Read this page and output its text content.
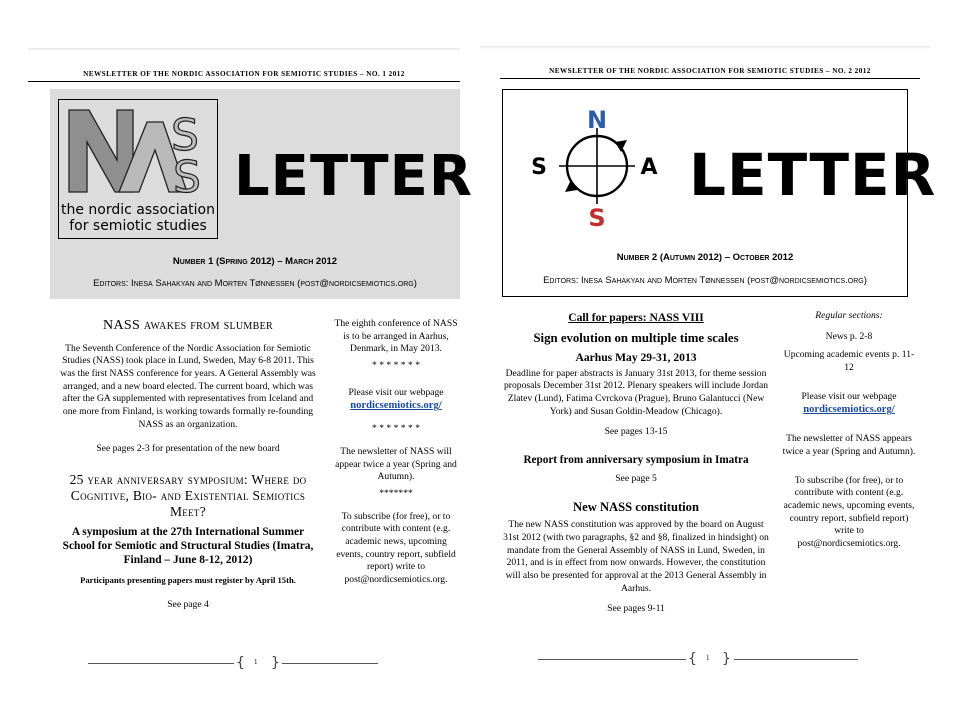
NEWSLETTER OF THE NORDIC ASSOCIATION FOR SEMIOTIC STUDIES – NO. 1 2012
S
S
the nordic association
for semiotic studies
LETTER
Number 1 (Spring 2012) – March 2012
Editors: Inesa Sahakyan and Morten Tønnessen (post@nordicsemiotics.org)

NASS awakes from slumber

The Seventh Conference of the Nordic Association for Semiotic Studies (NASS) took place in Lund, Sweden, May 6-8 2011. This was the first NASS conference for years. A General Assembly was arranged, and a new board elected. The current board, which was after the GA supplemented with representatives from Iceland and one more from Finland, is working towards formally re-founding NASS as an organization.

See pages 2-3 for presentation of the new board

25 year anniversary symposium: Where do Cognitive, Bio- and Existential Semiotics Meet?

A symposium at the 27th International Summer School for Semiotic and Structural Studies (Imatra, Finland – June 8-12, 2012)

Participants presenting papers must register by April 15th.

See page 4

The eighth conference of NASS is to be arranged in Aarhus, Denmark, in May 2013.

* * * * * * *

Please visit our webpage

nordicsemiotics.org/

* * * * * * *

The newsletter of NASS will appear twice a year (Spring and Autumn).

*******

To subscribe (for free), or to contribute with content (e.g. academic news, upcoming events, country report, subfield report) write to

post@nordicsemiotics.org.

{ 1 }
NEWSLETTER OF THE NORDIC ASSOCIATION FOR SEMIOTIC STUDIES – NO. 2 2012
N
S
S	A LETTER
Number 2 (Autumn 2012) – October 2012
Editors: Inesa Sahakyan and Morten Tønnessen (post@nordicsemiotics.org)

Call for papers: NASS VIII

Sign evolution on multiple time scales

Aarhus May 29-31, 2013

Deadline for paper abstracts is January 31st 2013, for theme session proposals December 31st 2012. Plenary speakers will include Jordan Zlatev (Lund), Fatima Cvrckova (Prague), Bruno Galantucci (New York) and Susan Goldin-Meadow (Chicago).

See pages 13-15

Report from anniversary symposium in Imatra

See page 5

New NASS constitution

The new NASS constitution was approved by the board on August 31st 2012 (with two paragraphs, §2 and §8, finalized in hindsight) on mandate from the General Assembly of NASS in Lund, Sweden, in 2011, and is in effect from now onwards. However, the constitution will also be presented for approval at the 2013 General Assembly in Aarhus.

See pages 9-11

Regular sections:

News p. 2-8

Upcoming academic events p. 11-12

Please visit our webpage

nordicsemiotics.org/

The newsletter of NASS appears twice a year (Spring and Autumn).

To subscribe (for free), or to contribute with content (e.g. academic news, upcoming events, country report, subfield report) write to post@nordicsemiotics.org.

{ 1 }
